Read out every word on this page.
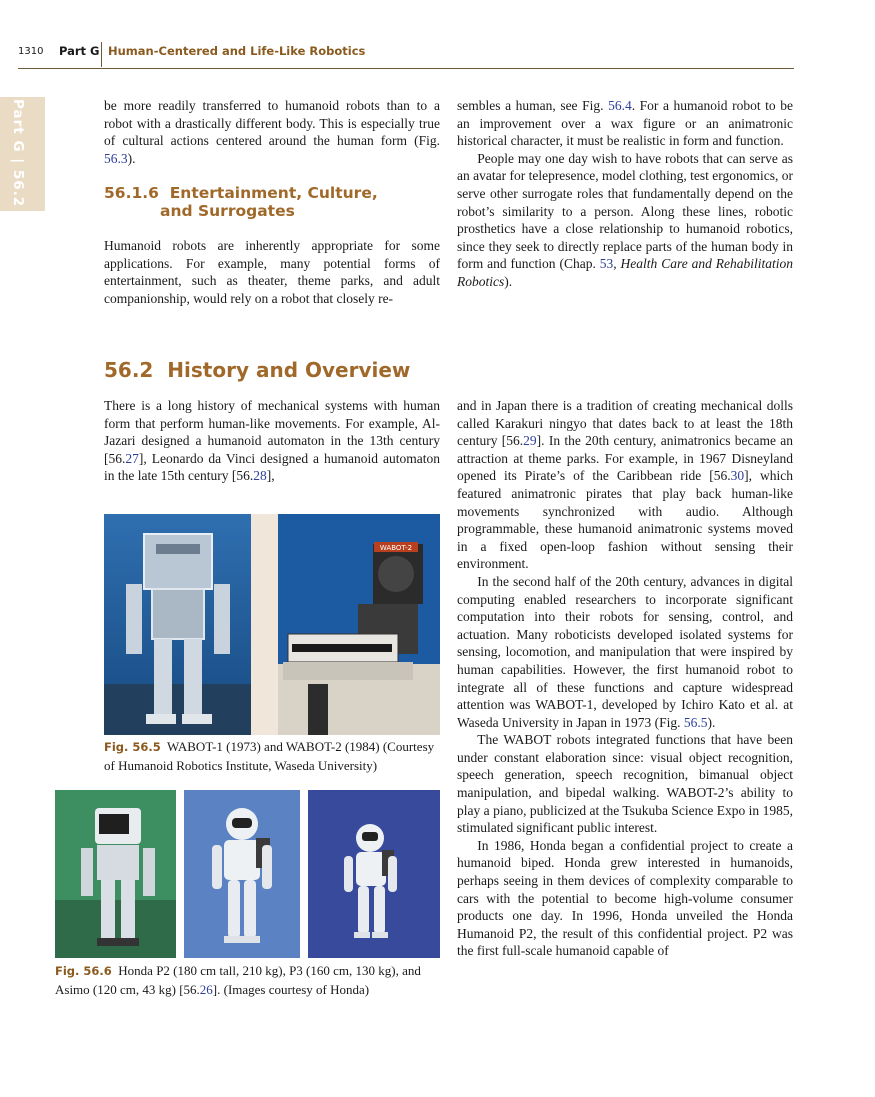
1310 Part G Human-Centered and Life-Like Robotics
Part G | 56.2	be more readily transferred to humanoid robots than to a robot with a drastically different body. This is especially true of cultural actions centered around the human form (Fig. 56.3).

56.1.6 Entertainment, Culture,
and Surrogates

Humanoid robots are inherently appropriate for some applications. For example, many potential forms of entertainment, such as theater, theme parks, and adult companionship, would rely on a robot that closely re-

sembles a human, see Fig. 56.4. For a humanoid robot to be an improvement over a wax figure or an animatronic historical character, it must be realistic in form and function.

People may one day wish to have robots that can serve as an avatar for telepresence, model clothing, test ergonomics, or serve other surrogate roles that fundamentally depend on the robot’s similarity to a person. Along these lines, robotic prosthetics have a close relationship to humanoid robotics, since they seek to directly replace parts of the human body in form and function (Chap. 53, Health Care and Rehabilitation Robotics).

56.2 History and Overview

There is a long history of mechanical systems with human form that perform human-like movements. For example, Al-Jazari designed a humanoid automaton in the 13th century [56.27], Leonardo da Vinci designed a humanoid automaton in the late 15th century [56.28],

WABOT-2
Fig. 56.5 WABOT-1 (1973) and WABOT-2 (1984) (Courtesy of Humanoid Robotics Institute, Waseda University)
Fig. 56.6 Honda P2 (180 cm tall, 210 kg), P3 (160 cm, 130 kg), and Asimo (120 cm, 43 kg) [56.26]. (Images courtesy of Honda)

and in Japan there is a tradition of creating mechanical dolls called Karakuri ningyo that dates back to at least the 18th century [56.29]. In the 20th century, animatronics became an attraction at theme parks. For example, in 1967 Disneyland opened its Pirate’s of the Caribbean ride [56.30], which featured animatronic pirates that play back human-like movements synchronized with audio. Although programmable, these humanoid animatronic systems moved in a fixed open-loop fashion without sensing their environment.

In the second half of the 20th century, advances in digital computing enabled researchers to incorporate significant computation into their robots for sensing, control, and actuation. Many roboticists developed isolated systems for sensing, locomotion, and manipulation that were inspired by human capabilities. However, the first humanoid robot to integrate all of these functions and capture widespread attention was WABOT-1, developed by Ichiro Kato et al. at Waseda University in Japan in 1973 (Fig. 56.5).

The WABOT robots integrated functions that have been under constant elaboration since: visual object recognition, speech generation, speech recognition, bimanual object manipulation, and bipedal walking. WABOT-2’s ability to play a piano, publicized at the Tsukuba Science Expo in 1985, stimulated significant public interest.

In 1986, Honda began a confidential project to create a humanoid biped. Honda grew interested in humanoids, perhaps seeing in them devices of complexity comparable to cars with the potential to become high-volume consumer products one day. In 1996, Honda unveiled the Honda Humanoid P2, the result of this confidential project. P2 was the first full-scale humanoid capable of
